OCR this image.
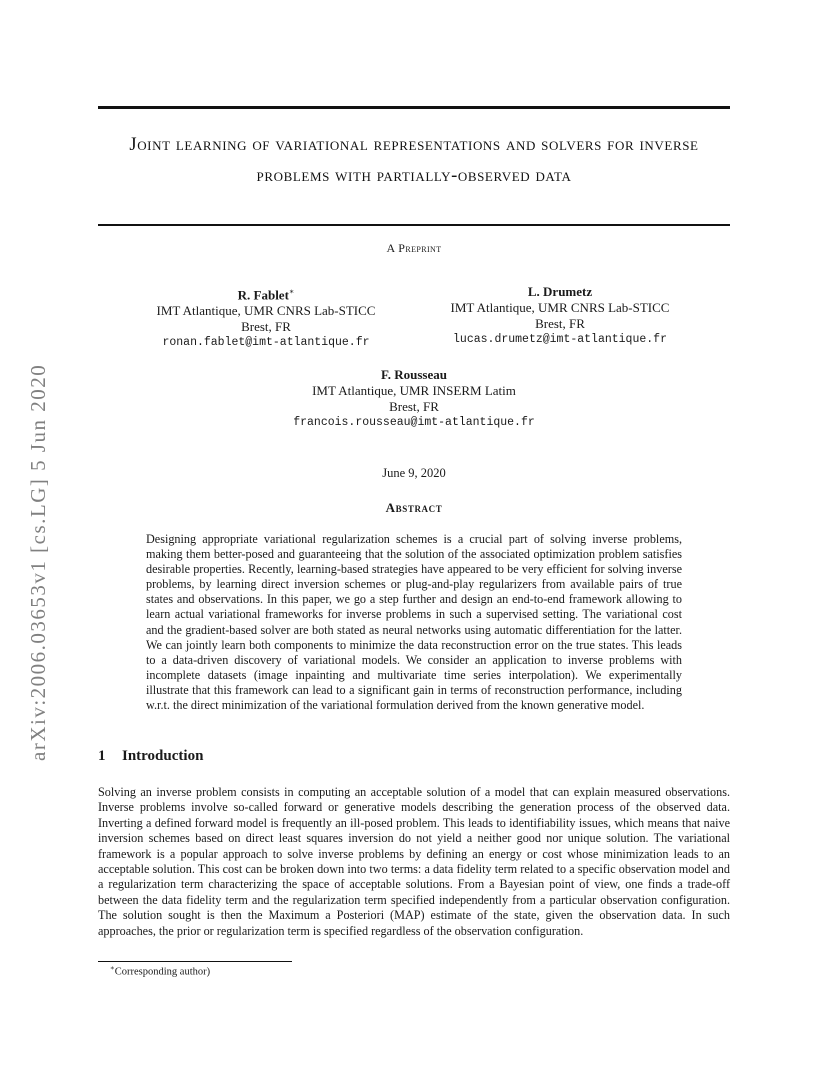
arXiv:2006.03653v1 [cs.LG] 5 Jun 2020
Joint learning of variational representations and solvers for inverse problems with partially-observed data
A Preprint
R. Fablet∗
IMT Atlantique, UMR CNRS Lab-STICC
Brest, FR
ronan.fablet@imt-atlantique.fr
L. Drumetz
IMT Atlantique, UMR CNRS Lab-STICC
Brest, FR
lucas.drumetz@imt-atlantique.fr
F. Rousseau
IMT Atlantique, UMR INSERM Latim
Brest, FR
francois.rousseau@imt-atlantique.fr
June 9, 2020
Abstract
Designing appropriate variational regularization schemes is a crucial part of solving inverse problems, making them better-posed and guaranteeing that the solution of the associated optimization problem satisfies desirable properties. Recently, learning-based strategies have appeared to be very efficient for solving inverse problems, by learning direct inversion schemes or plug-and-play regularizers from available pairs of true states and observations. In this paper, we go a step further and design an end-to-end framework allowing to learn actual variational frameworks for inverse problems in such a supervised setting. The variational cost and the gradient-based solver are both stated as neural networks using automatic differentiation for the latter. We can jointly learn both components to minimize the data reconstruction error on the true states. This leads to a data-driven discovery of variational models. We consider an application to inverse problems with incomplete datasets (image inpainting and multivariate time series interpolation). We experimentally illustrate that this framework can lead to a significant gain in terms of reconstruction performance, including w.r.t. the direct minimization of the variational formulation derived from the known generative model.
1 Introduction
Solving an inverse problem consists in computing an acceptable solution of a model that can explain measured observations. Inverse problems involve so-called forward or generative models describing the generation process of the observed data. Inverting a defined forward model is frequently an ill-posed problem. This leads to identifiability issues, which means that naive inversion schemes based on direct least squares inversion do not yield a neither good nor unique solution. The variational framework is a popular approach to solve inverse problems by defining an energy or cost whose minimization leads to an acceptable solution. This cost can be broken down into two terms: a data fidelity term related to a specific observation model and a regularization term characterizing the space of acceptable solutions. From a Bayesian point of view, one finds a trade-off between the data fidelity term and the regularization term specified independently from a particular observation configuration. The solution sought is then the Maximum a Posteriori (MAP) estimate of the state, given the observation data. In such approaches, the prior or regularization term is specified regardless of the observation configuration.
∗Corresponding author)
